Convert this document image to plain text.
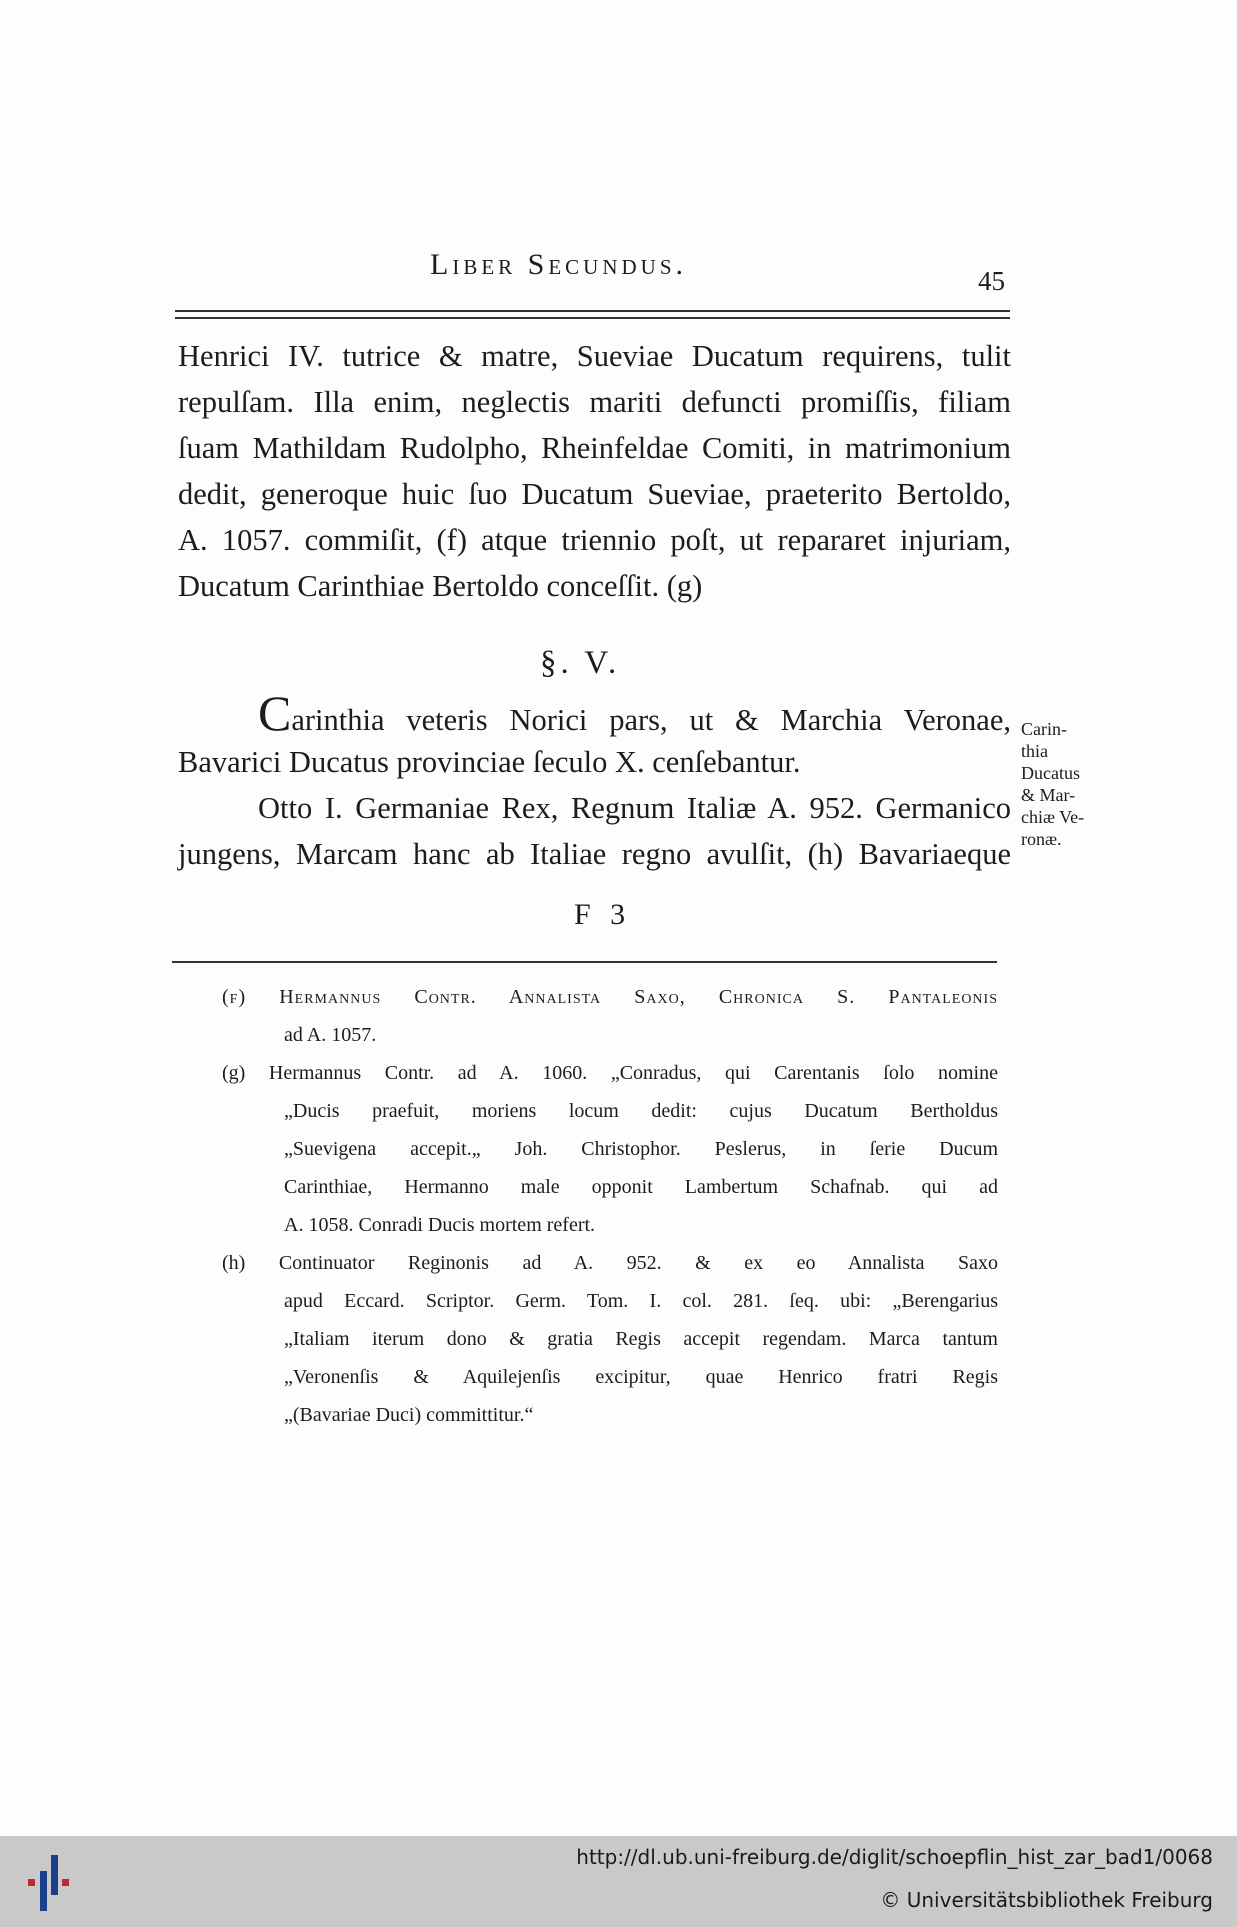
Liber Secundus.	45
Henrici IV. tutrice & matre, Sueviae Ducatum requirens, tulit
repulſam. Illa enim, neglectis mariti defuncti promiſſis, filiam
ſuam Mathildam Rudolpho, Rheinfeldae Comiti, in matrimonium
dedit, generoque huic ſuo Ducatum Sueviae, praeterito Bertoldo,
A. 1057. commiſit, (f) atque triennio poſt, ut repararet injuriam,
Ducatum Carinthiae Bertoldo conceſſit. (g)
§. V.
Carinthia veteris Norici pars, ut & Marchia Veronae,
Bavarici Ducatus provinciae ſeculo X. cenſebantur.
Otto I. Germaniae Rex, Regnum Italiæ A. 952. Germanico
jungens, Marcam hanc ab Italiae regno avulſit, (h) Bavariaeque
Carin-
thia
Ducatus
& Mar-
chiæ Ve-
ronæ.
F 3
(f) Hermannus Contr. Annalista Saxo, Chronica S. Pantaleonis
ad A. 1057.
(g) Hermannus Contr. ad A. 1060. „Conradus, qui Carentanis ſolo nomine
„Ducis praefuit, moriens locum dedit: cujus Ducatum Bertholdus
„Suevigena accepit.„ Joh. Christophor. Peslerus, in ſerie Ducum
Carinthiae, Hermanno male opponit Lambertum Schafnab. qui ad
A. 1058. Conradi Ducis mortem refert.
(h) Continuator Reginonis ad A. 952. & ex eo Annalista Saxo
apud Eccard. Scriptor. Germ. Tom. I. col. 281. ſeq. ubi: „Berengarius
„Italiam iterum dono & gratia Regis accepit regendam. Marca tantum
„Veronenſis & Aquilejenſis excipitur, quae Henrico fratri Regis
„(Bavariae Duci) committitur.“
http://dl.ub.uni-freiburg.de/diglit/schoepflin_hist_zar_bad1/0068
© Universitätsbibliothek Freiburg
